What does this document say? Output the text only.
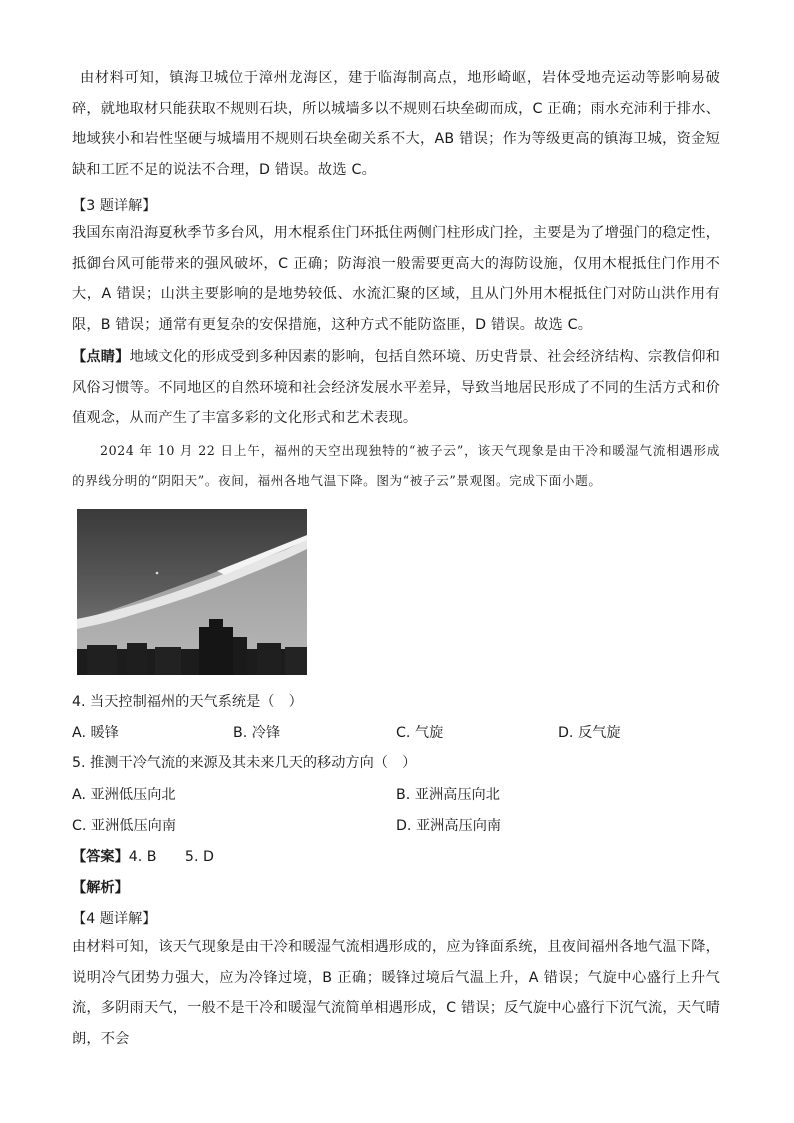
由材料可知，镇海卫城位于漳州龙海区，建于临海制高点，地形崎岖，岩体受地壳运动等影响易破碎，就地取材只能获取不规则石块，所以城墙多以不规则石块垒砌而成，C 正确；雨水充沛利于排水、地域狭小和岩性坚硬与城墙用不规则石块垒砌关系不大，AB 错误；作为等级更高的镇海卫城，资金短缺和工匠不足的说法不合理，D 错误。故选 C。

【3 题详解】

我国东南沿海夏秋季节多台风，用木棍系住门环抵住两侧门柱形成门拴，主要是为了增强门的稳定性，抵御台风可能带来的强风破坏，C 正确；防海浪一般需要更高大的海防设施，仅用木棍抵住门作用不大，A 错误；山洪主要影响的是地势较低、水流汇聚的区域，且从门外用木棍抵住门对防山洪作用有限，B 错误；通常有更复杂的安保措施，这种方式不能防盗匪，D 错误。故选 C。

【点睛】地域文化的形成受到多种因素的影响，包括自然环境、历史背景、社会经济结构、宗教信仰和风俗习惯等。不同地区的自然环境和社会经济发展水平差异，导致当地居民形成了不同的生活方式和价值观念，从而产生了丰富多彩的文化形式和艺术表现。

2024 年 10 月 22 日上午，福州的天空出现独特的“被子云”，该天气现象是由干冷和暖湿气流相遇形成的界线分明的“阴阳天”。夜间，福州各地气温下降。图为“被子云”景观图。完成下面小题。

4. 当天控制福州的天气系统是（　）
A. 暖锋	B. 冷锋	C. 气旋	D. 反气旋
5. 推测干冷气流的来源及其未来几天的移动方向（　）
A. 亚洲低压向北	B. 亚洲高压向北
C. 亚洲低压向南	D. 亚洲高压向南
【答案】4. B　　5. D
【解析】
【4 题详解】

由材料可知，该天气现象是由干冷和暖湿气流相遇形成的，应为锋面系统，且夜间福州各地气温下降，说明冷气团势力强大，应为冷锋过境，B 正确；暖锋过境后气温上升，A 错误；气旋中心盛行上升气流，多阴雨天气，一般不是干冷和暖湿气流简单相遇形成，C 错误；反气旋中心盛行下沉气流，天气晴朗，不会
